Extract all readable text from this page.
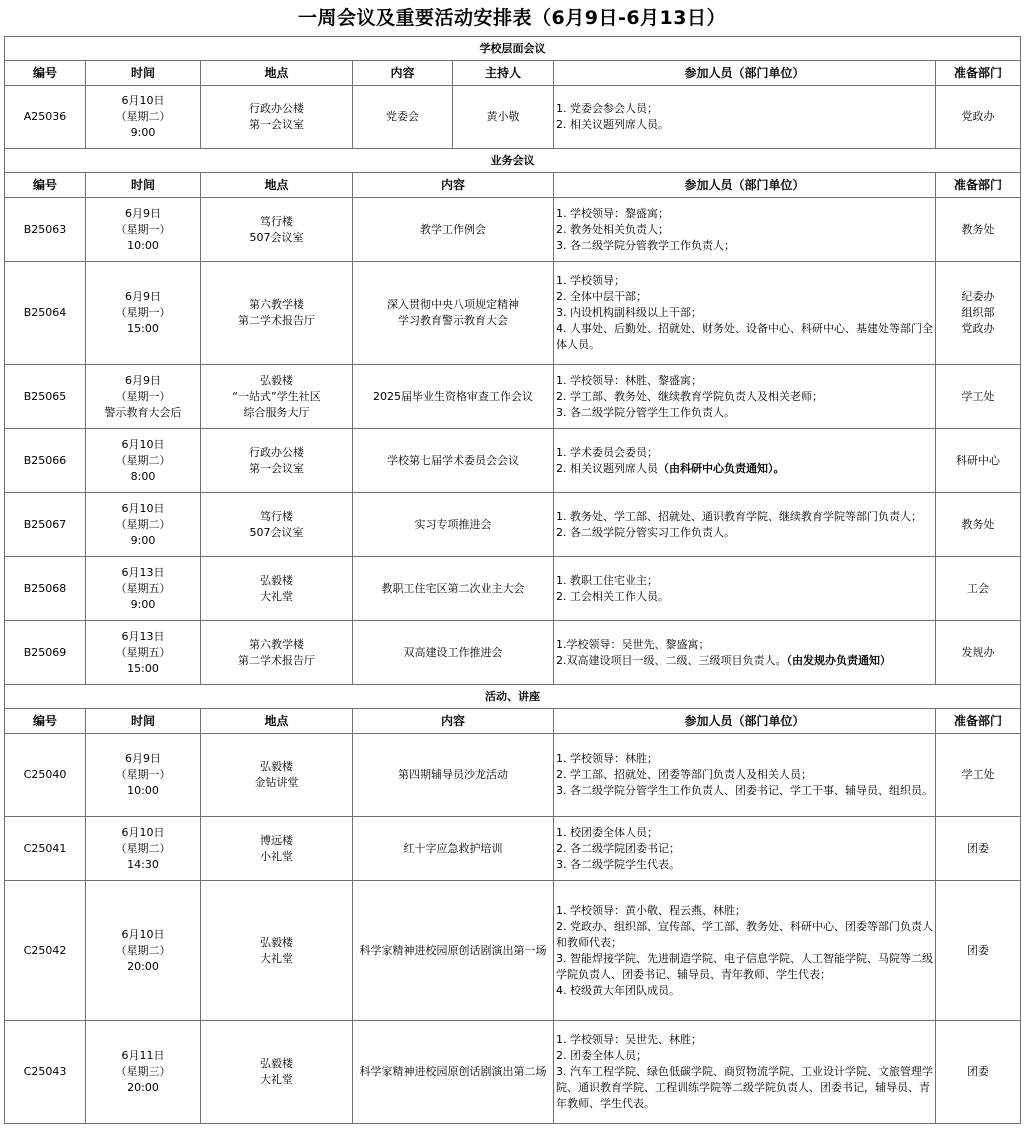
一周会议及重要活动安排表（6月9日-6月13日）
学校层面会议						
编号	时间	地点	内容	主持人	参加人员（部门单位）	准备部门
A25036	6月10日
（星期二）
9:00	行政办公楼
第一会议室	党委会	黄小敬	1. 党委会参会人员；
2. 相关议题列席人员。	党政办

业务会议						
编号	时间	地点	内容		参加人员（部门单位）	准备部门
B25063	6月9日
（星期一）
10:00	笃行楼
507会议室	教学工作例会		1. 学校领导：黎盛寓；
2. 教务处相关负责人；
3. 各二级学院分管教学工作负责人；	教务处

B25064	6月9日
（星期一）
15:00	第六教学楼
第二学术报告厅	深入贯彻中央八项规定精神
学习教育警示教育大会		1. 学校领导；
2. 全体中层干部；
3. 内设机构副科级以上干部；
4. 人事处、后勤处、招就处、财务处、设备中心、科研中心、基建处等部门全体人员。	纪委办
组织部
党政办

B25065	6月9日
（星期一）
警示教育大会后	弘毅楼
“一站式”学生社区
综合服务大厅	2025届毕业生资格审查工作会议		1. 学校领导：林胜、黎盛寓；
2. 学工部、教务处、继续教育学院负责人及相关老师；
3. 各二级学院分管学生工作负责人。	学工处

B25066	6月10日
（星期二）
8:00	行政办公楼
第一会议室	学校第七届学术委员会会议		1. 学术委员会委员；
2. 相关议题列席人员（由科研中心负责通知）。	科研中心

B25067	6月10日
（星期二）
9:00	笃行楼
507会议室	实习专项推进会		1. 教务处、学工部、招就处、通识教育学院、继续教育学院等部门负责人；
2. 各二级学院分管实习工作负责人。	教务处

B25068	6月13日
（星期五）
9:00	弘毅楼
大礼堂	教职工住宅区第二次业主大会		1. 教职工住宅业主；
2. 工会相关工作人员。	工会

B25069	6月13日
（星期五）
15:00	第六教学楼
第二学术报告厅	双高建设工作推进会		1.学校领导：吴世先、黎盛寓；
2.双高建设项目一级、二级、三级项目负责人。（由发规办负责通知）	发规办

活动、讲座						
编号	时间	地点	内容		参加人员（部门单位）	准备部门
C25040	6月9日
（星期一）
10:00	弘毅楼
金钻讲堂	第四期辅导员沙龙活动		1. 学校领导：林胜；
2. 学工部、招就处、团委等部门负责人及相关人员；
3. 各二级学院分管学生工作负责人、团委书记、学工干事、辅导员、组织员。	学工处

C25041	6月10日
（星期二）
14:30	博远楼
小礼堂	红十字应急救护培训		1. 校团委全体人员；
2. 各二级学院团委书记；
3. 各二级学院学生代表。	团委

C25042	6月10日
（星期二）
20:00	弘毅楼
大礼堂	科学家精神进校园原创话剧演出第一场		1. 学校领导：黄小敬、程云燕、林胜；
2. 党政办、组织部、宣传部、学工部、教务处、科研中心、团委等部门负责人和教师代表；
3. 智能焊接学院、先进制造学院、电子信息学院、人工智能学院、马院等二级学院负责人、团委书记、辅导员、青年教师、学生代表；
4. 校级黄大年团队成员。	团委

C25043	6月11日
（星期三）
20:00	弘毅楼
大礼堂	科学家精神进校园原创话剧演出第二场		1. 学校领导：吴世先、林胜；
2. 团委全体人员；
3. 汽车工程学院、绿色低碳学院、商贸物流学院、工业设计学院、文旅管理学院、通识教育学院、工程训练学院等二级学院负责人、团委书记，辅导员、青年教师、学生代表。	团委
